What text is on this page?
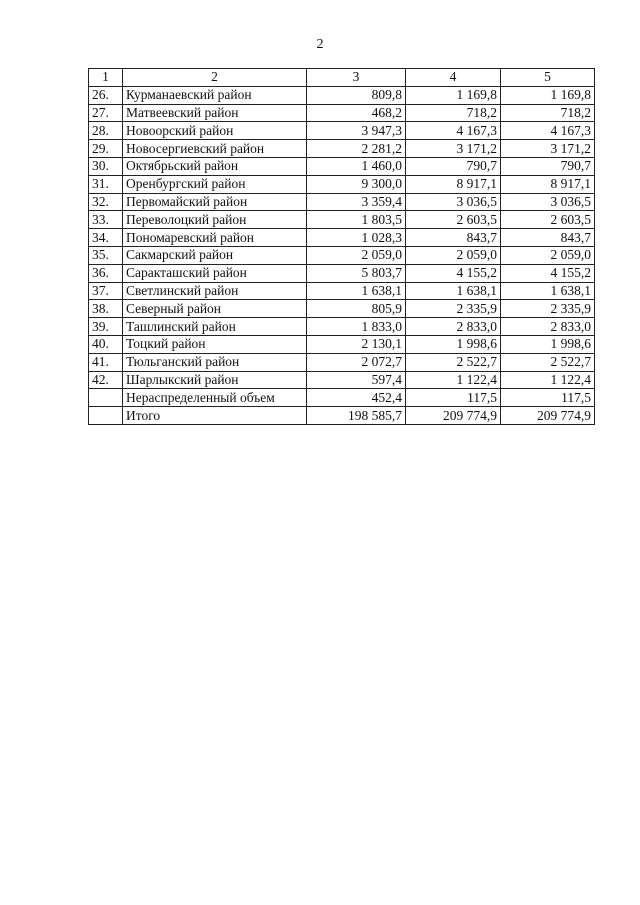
2
1	2	3	4	5
26.	Курманаевский район	809,8	1 169,8	1 169,8
27.	Матвеевский район	468,2	718,2	718,2
28.	Новоорский район	3 947,3	4 167,3	4 167,3
29.	Новосергиевский район	2 281,2	3 171,2	3 171,2
30.	Октябрьский район	1 460,0	790,7	790,7
31.	Оренбургский район	9 300,0	8 917,1	8 917,1
32.	Первомайский район	3 359,4	3 036,5	3 036,5
33.	Переволоцкий район	1 803,5	2 603,5	2 603,5
34.	Пономаревский район	1 028,3	843,7	843,7
35.	Сакмарский район	2 059,0	2 059,0	2 059,0
36.	Саракташский район	5 803,7	4 155,2	4 155,2
37.	Светлинский район	1 638,1	1 638,1	1 638,1
38.	Северный район	805,9	2 335,9	2 335,9
39.	Ташлинский район	1 833,0	2 833,0	2 833,0
40.	Тоцкий район	2 130,1	1 998,6	1 998,6
41.	Тюльганский район	2 072,7	2 522,7	2 522,7
42.	Шарлыкский район	597,4	1 122,4	1 122,4
	Нераспределенный объем	452,4	117,5	117,5
	Итого	198 585,7	209 774,9	209 774,9
